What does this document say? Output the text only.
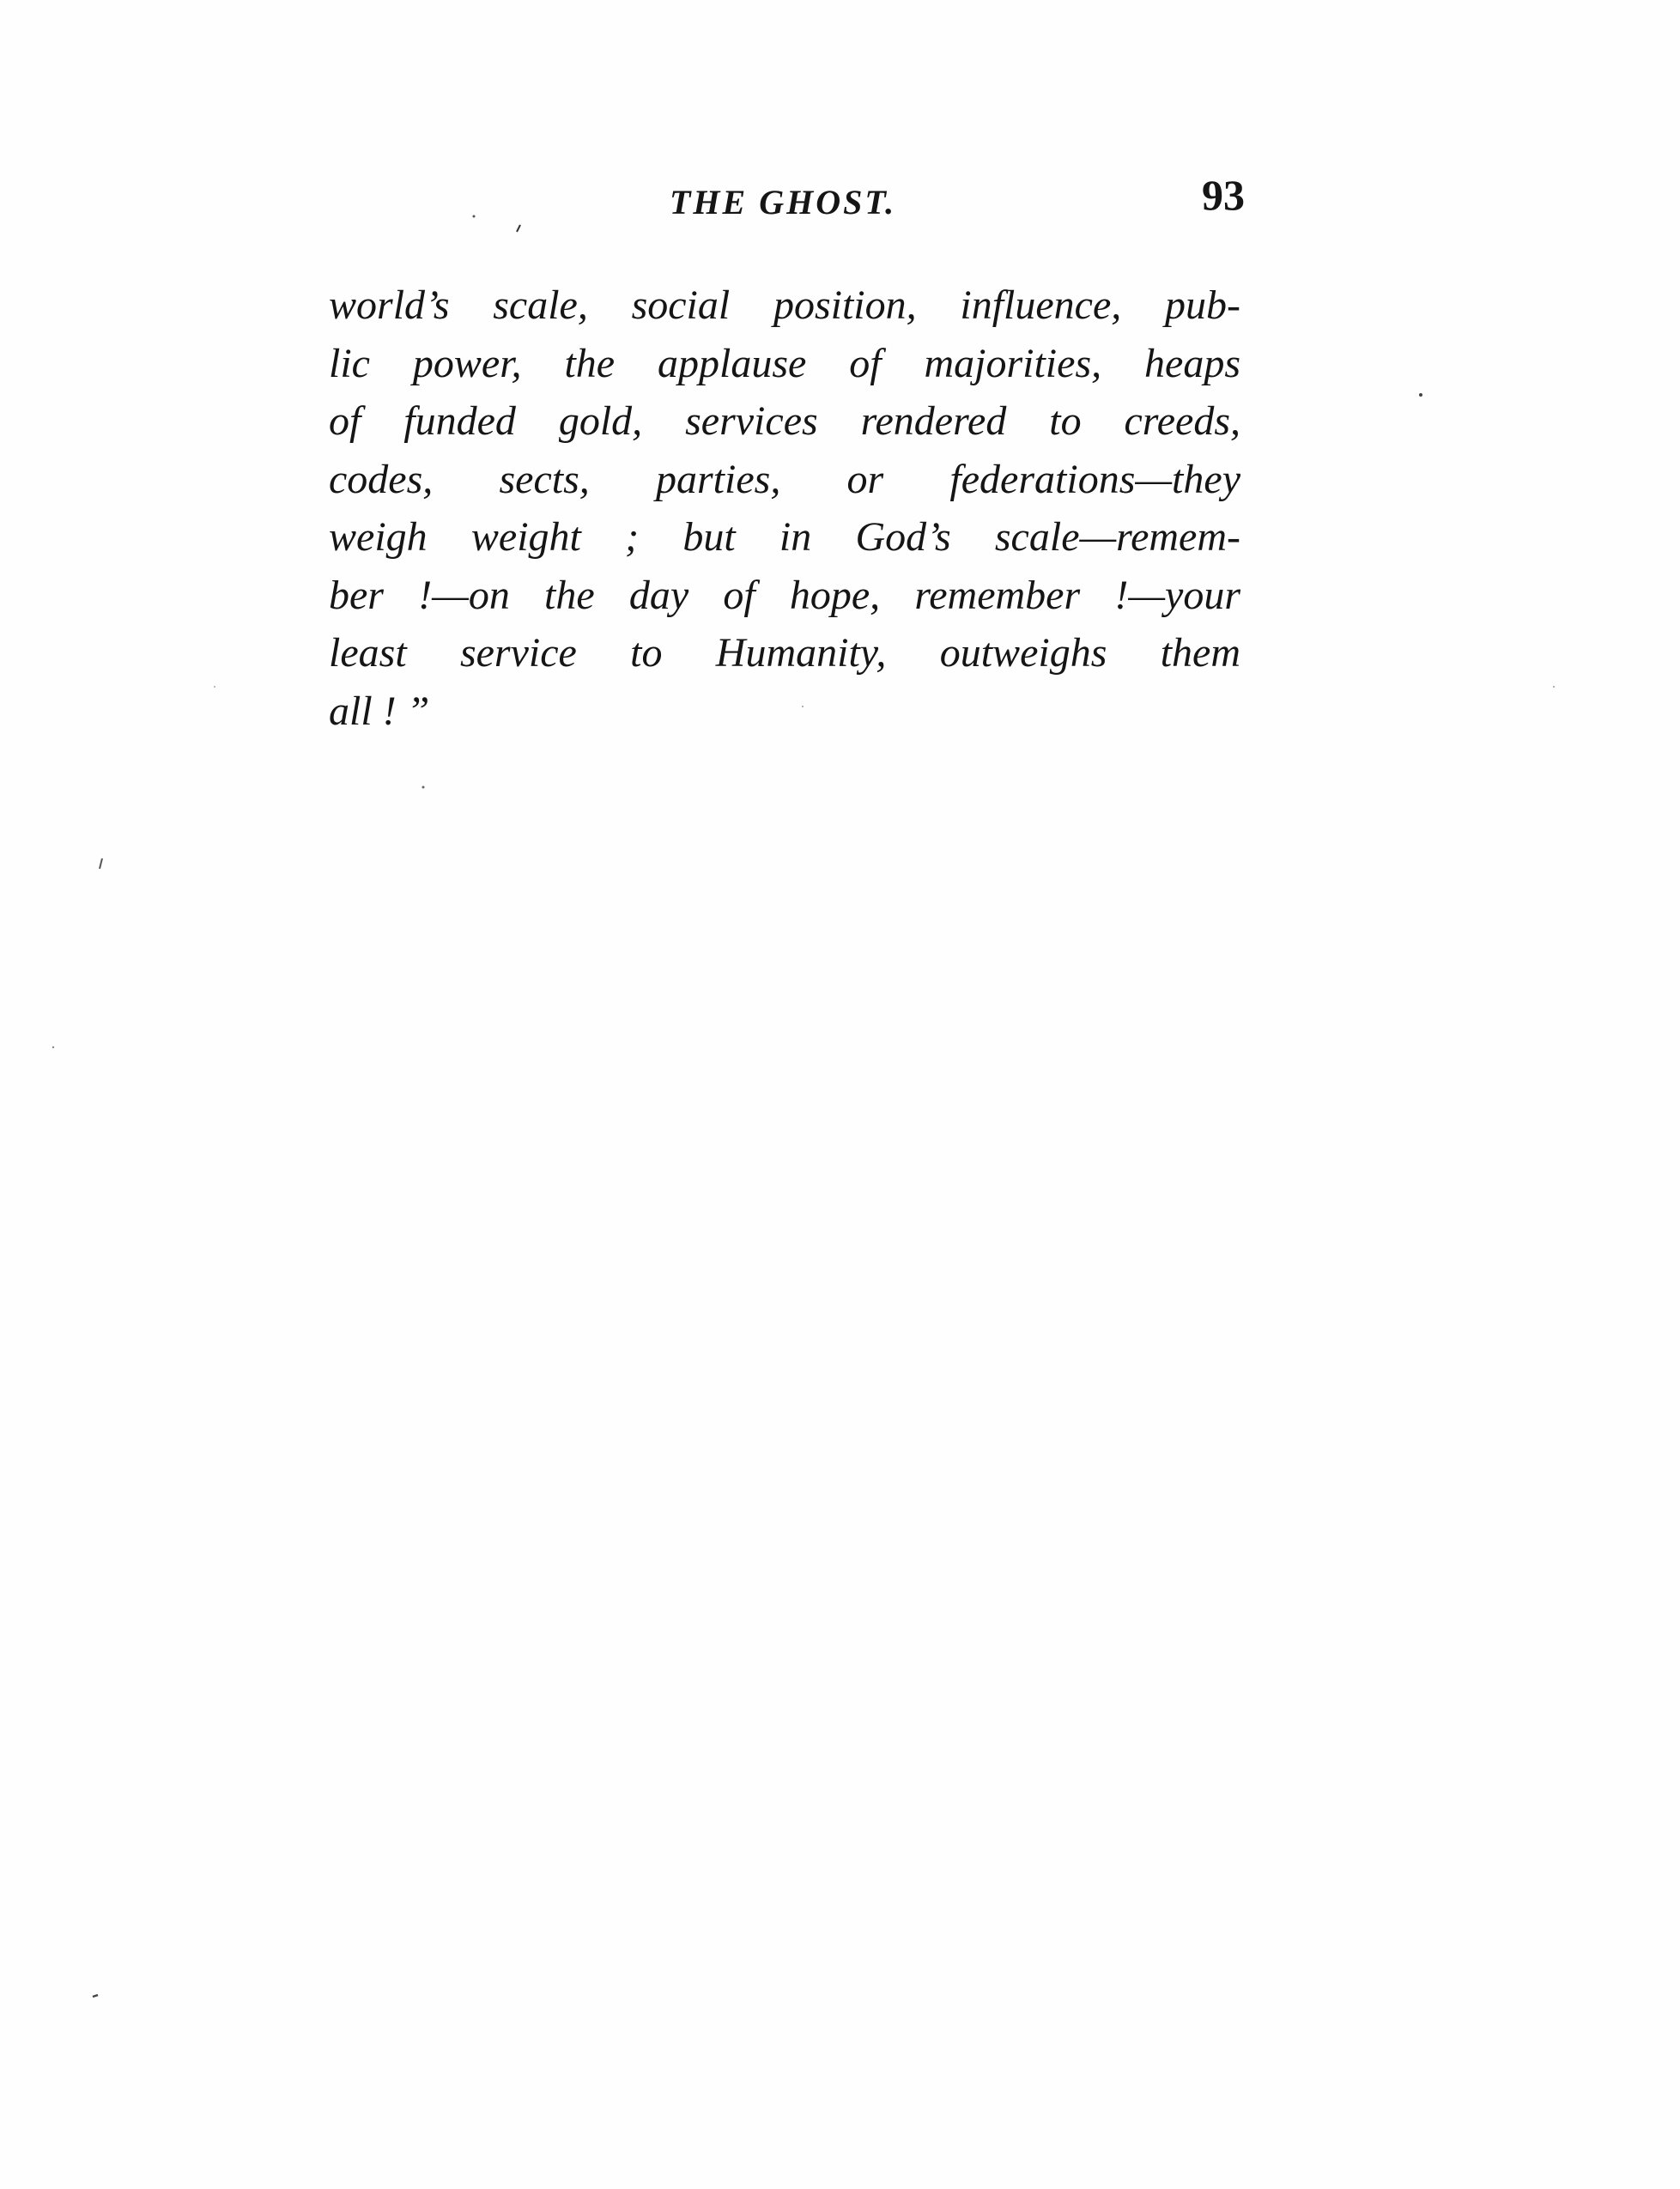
THE GHOST.	93
world’s scale, social position, influence, pub-
lic power, the applause of majorities, heaps
of funded gold, services rendered to creeds,
codes, sects, parties, or federations—they
weigh weight ; but in God’s scale—remem-
ber !—on the day of hope, remember !—your
least service to Humanity, outweighs them
all ! ”
